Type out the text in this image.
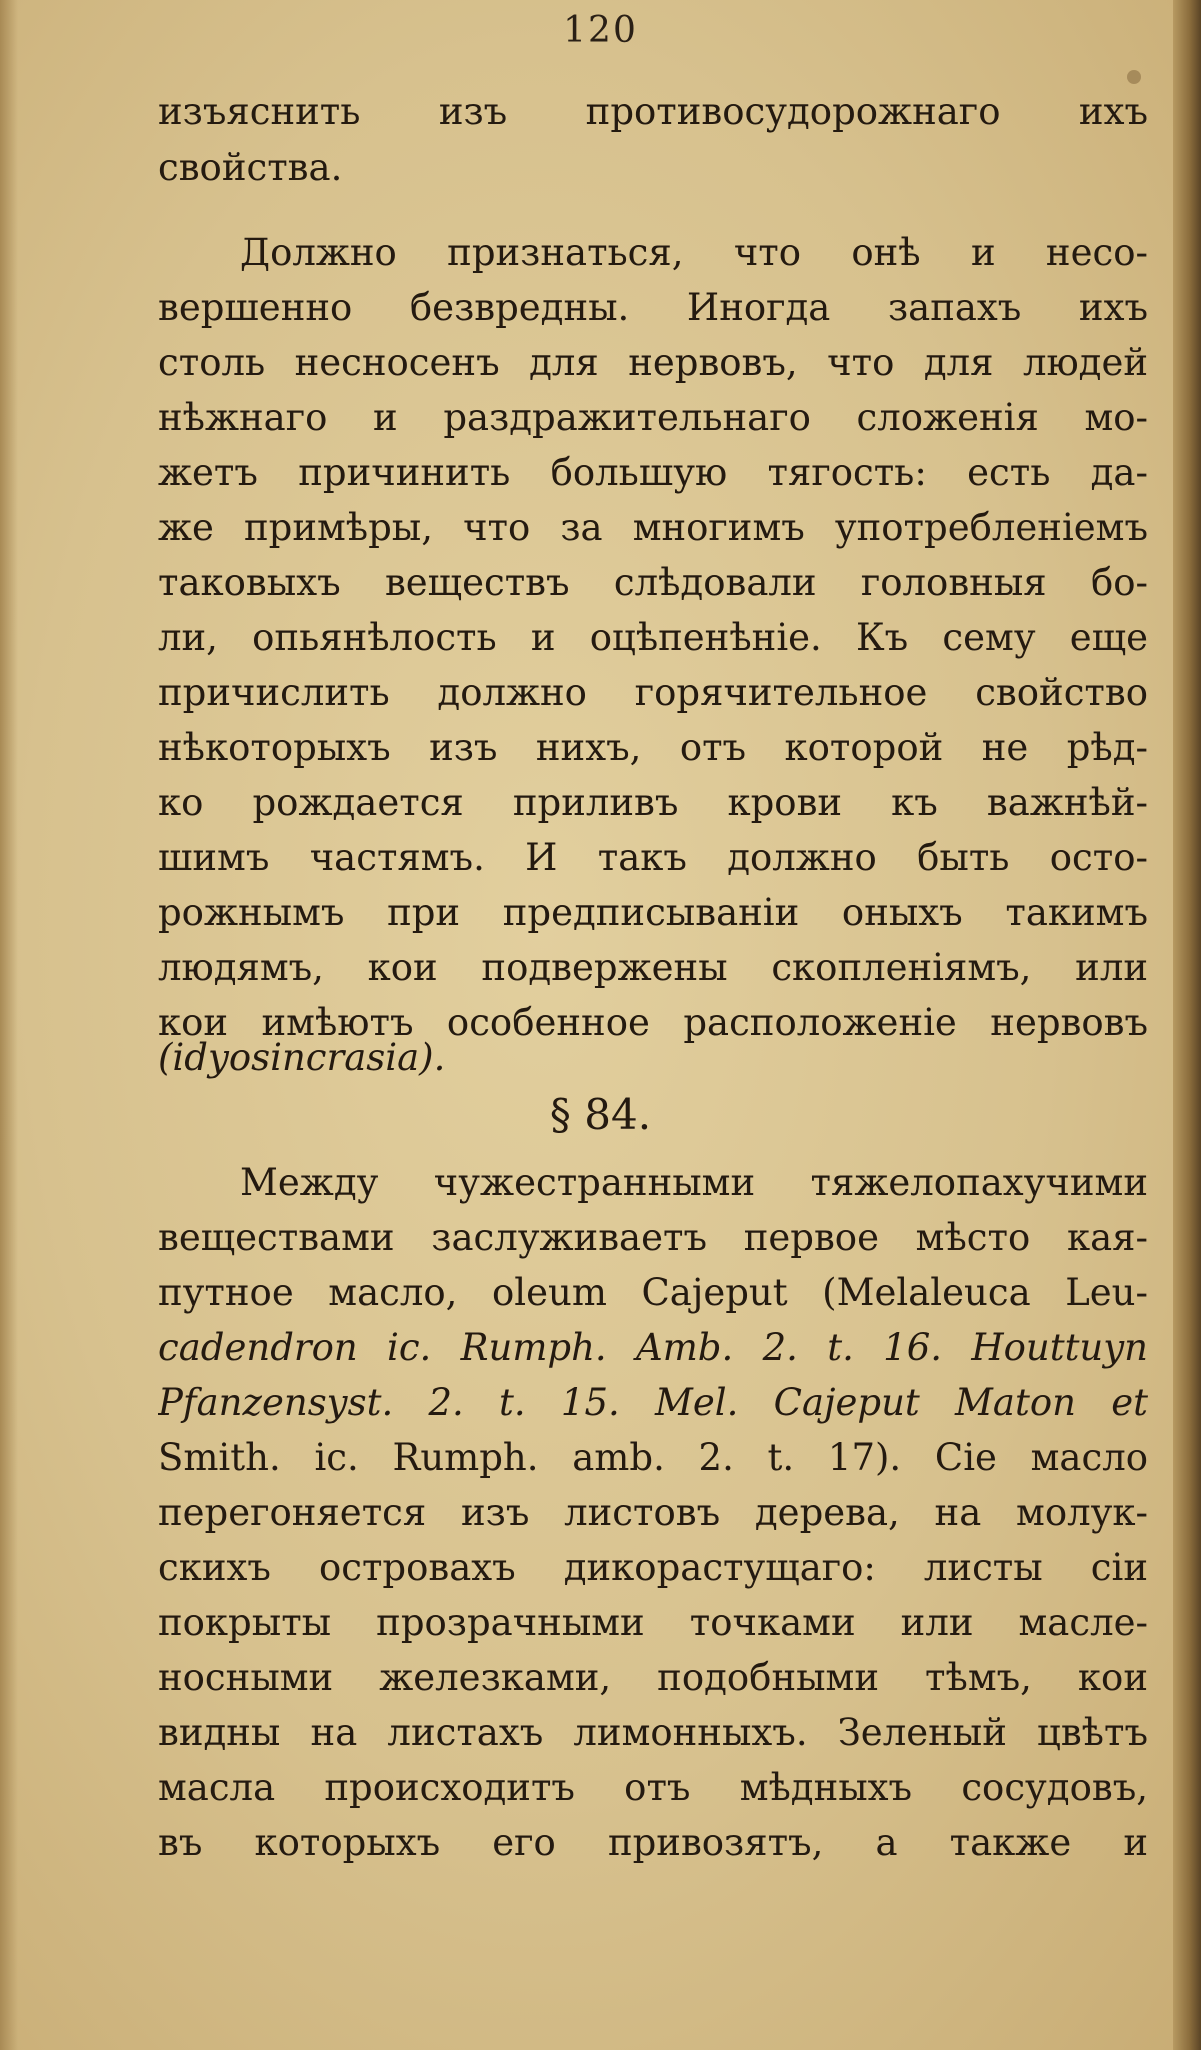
120
изъяснить изъ противосудорожнаго ихъ
свойства.
Должно признаться, что онѣ и несо-
вершенно безвредны. Иногда запахъ ихъ
столь несносенъ для нервовъ, что для людей
нѣжнаго и раздражительнаго сложенія мо-
жетъ причинить большую тягость: есть да-
же примѣры, что за многимъ употребленіемъ
таковыхъ веществъ слѣдовали головныя бо-
ли, опьянѣлость и оцѣпенѣніе. Къ сему еще
причислить должно горячительное свойство
нѣкоторыхъ изъ нихъ, отъ которой не рѣд-
ко рождается приливъ крови къ важнѣй-
шимъ частямъ. И такъ должно быть осто-
рожнымъ при предписываніи оныхъ такимъ
людямъ, кои подвержены скопленіямъ, или
кои имѣютъ особенное расположеніе нервовъ
(idyosincrasia).
§ 84.
Между чужестранными тяжелопахучими
веществами заслуживаетъ первое мѣсто кая-
путное масло, oleum Cajeput (Melaleuca Leu-
cadendron ic. Rumph. Amb. 2. t. 16. Houttuyn
Pfanzensyst. 2. t. 15. Mel. Cajeput Maton et
Smith. ic. Rumph. amb. 2. t. 17). Сіе масло
перегоняется изъ листовъ дерева, на молук-
скихъ островахъ дикорастущаго: листы сіи
покрыты прозрачными точками или масле-
носными железками, подобными тѣмъ, кои
видны на листахъ лимонныхъ. Зеленый цвѣтъ
масла происходитъ отъ мѣдныхъ сосудовъ,
въ которыхъ его привозятъ, а также и
